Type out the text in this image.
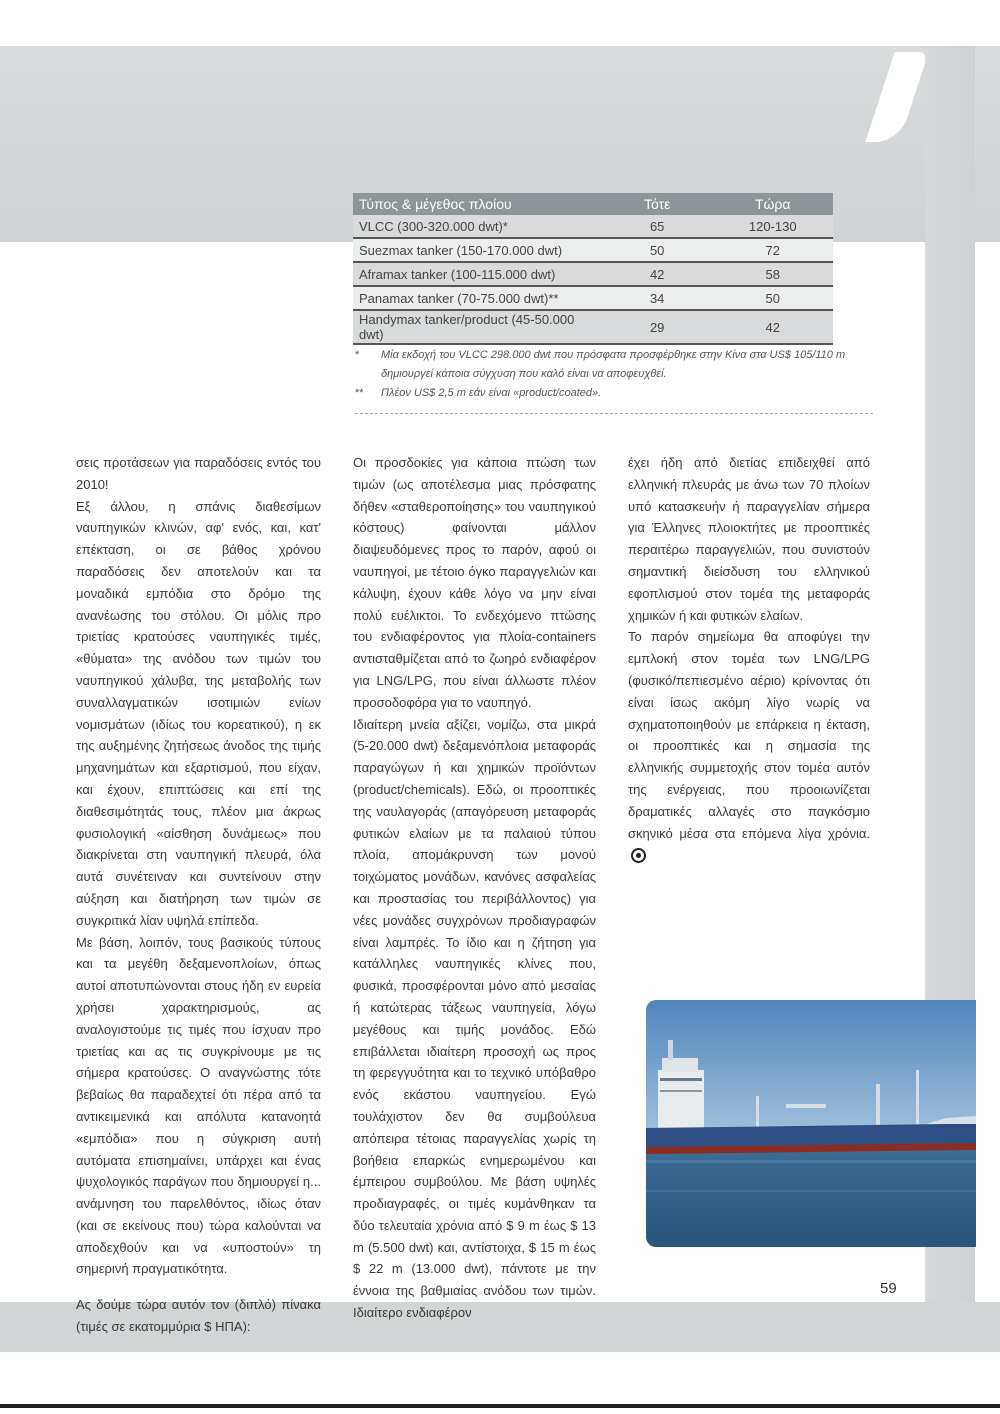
Τύπος & μέγεθος πλοίου	Τότε	Τώρα
VLCC (300-320.000 dwt)*	65	120-130
Suezmax tanker (150-170.000 dwt)	50	72
Aframax tanker (100-115.000 dwt)	42	58
Panamax tanker (70-75.000 dwt)**	34	50
Handymax tanker/product (45-50.000 dwt)	29	42
*	Μία εκδοχή του VLCC 298.000 dwt που πρόσφατα προσφέρθηκε στην Κίνα στα US$ 105/110 m δημιουργεί κάποια σύγχυση που καλό είναι να αποφευχθεί.
**	Πλέον US$ 2,5 m εάν είναι «product/coated».

σεις προτάσεων για παραδόσεις εντός του 2010!

Εξ άλλου, η σπάνις διαθεσίμων ναυπηγικών κλινών, αφ' ενός, και, κατ' επέκταση, οι σε βάθος χρόνου παραδόσεις δεν αποτελούν και τα μοναδικά εμπόδια στο δρόμο της ανανέωσης του στόλου. Οι μόλις προ τριετίας κρατούσες ναυπηγικές τιμές, «θύματα» της ανόδου των τιμών του ναυπηγικού χάλυβα, της μεταβολής των συναλλαγματικών ισοτιμιών ενίων νομισμάτων (ιδίως του κορεατικού), η εκ της αυξημένης ζητήσεως άνοδος της τιμής μηχανημάτων και εξαρτισμού, που είχαν, και έχουν, επιπτώσεις και επί της διαθεσιμότητάς τους, πλέον μια άκρως φυσιολογική «αίσθηση δυνάμεως» που διακρίνεται στη ναυπηγική πλευρά, όλα αυτά συνέτειναν και συντείνουν στην αύξηση και διατήρηση των τιμών σε συγκριτικά λίαν υψηλά επίπεδα.

Με βάση, λοιπόν, τους βασικούς τύπους και τα μεγέθη δεξαμενοπλοίων, όπως αυτοί αποτυπώνονται στους ήδη εν ευρεία χρήσει χαρακτηρισμούς, ας αναλογιστούμε τις τιμές που ίσχυαν προ τριετίας και ας τις συγκρίνουμε με τις σήμερα κρατούσες. Ο αναγνώστης τότε βεβαίως θα παραδεχτεί ότι πέρα από τα αντικειμενικά και απόλυτα κατανοητά «εμπόδια» που η σύγκριση αυτή αυτόματα επισημαίνει, υπάρχει και ένας ψυχολογικός παράγων που δημιουργεί η... ανάμνηση του παρελθόντος, ιδίως όταν (και σε εκείνους που) τώρα καλούνται να αποδεχθούν και να «υποστούν» τη σημερινή πραγματικότητα.

Ας δούμε τώρα αυτόν τον (διπλό) πίνακα (τιμές σε εκατομμύρια $ ΗΠΑ):

Οι προσδοκίες για κάποια πτώση των τιμών (ως αποτέλεσμα μιας πρόσφατης δήθεν «σταθεροποίησης» του ναυπηγικού κόστους) φαίνονται μάλλον διαψευδόμενες προς το παρόν, αφού οι ναυπηγοί, με τέτοιο όγκο παραγγελιών και κάλυψη, έχουν κάθε λόγο να μην είναι πολύ ευέλικτοι. Το ενδεχόμενο πτώσης του ενδιαφέροντος για πλοία-containers αντισταθμίζεται από το ζωηρό ενδιαφέρον για LNG/LPG, που είναι άλλωστε πλέον προσοδοφόρα για το ναυπηγό.

Ιδιαίτερη μνεία αξίζει, νομίζω, στα μικρά (5-20.000 dwt) δεξαμενόπλοια μεταφοράς παραγώγων ή και χημικών προϊόντων (product/chemicals). Εδώ, οι προοπτικές της ναυλαγοράς (απαγόρευση μεταφοράς φυτικών ελαίων με τα παλαιού τύπου πλοία, απομάκρυνση των μονού τοιχώματος μονάδων, κανόνες ασφαλείας και προστασίας του περιβάλλοντος) για νέες μονάδες συγχρόνων προδιαγραφών είναι λαμπρές. Το ίδιο και η ζήτηση για κατάλληλες ναυπηγικές κλίνες που, φυσικά, προσφέρονται μόνο από μεσαίας ή κατώτερας τάξεως ναυπηγεία, λόγω μεγέθους και τιμής μονάδος. Εδώ επιβάλλεται ιδιαίτερη προσοχή ως προς τη φερεγγυότητα και το τεχνικό υπόβαθρο ενός εκάστου ναυπηγείου. Εγώ τουλάχιστον δεν θα συμβούλευα απόπειρα τέτοιας παραγγελίας χωρίς τη βοήθεια επαρκώς ενημερωμένου και έμπειρου συμβούλου. Με βάση υψηλές προδιαγραφές, οι τιμές κυμάνθηκαν τα δύο τελευταία χρόνια από $ 9 m έως $ 13 m (5.500 dwt) και, αντίστοιχα, $ 15 m έως $ 22 m (13.000 dwt), πάντοτε με την έννοια της βαθμιαίας ανόδου των τιμών. Ιδιαίτερο ενδιαφέρον

έχει ήδη από διετίας επιδειχθεί από ελληνική πλευράς με άνω των 70 πλοίων υπό κατασκευήν ή παραγγελίαν σήμερα για Έλληνες πλοιοκτήτες με προοπτικές περαιτέρω παραγγελιών, που συνιστούν σημαντική διείσδυση του ελληνικού εφοπλισμού στον τομέα της μεταφοράς χημικών ή και φυτικών ελαίων.

Το παρόν σημείωμα θα αποφύγει την εμπλοκή στον τομέα των LNG/LPG (φυσικό/πεπιεσμένο αέριο) κρίνοντας ότι είναι ίσως ακόμη λίγο νωρίς να σχηματοποιηθούν με επάρκεια η έκταση, οι προοπτικές και η σημασία της ελληνικής συμμετοχής στον τομέα αυτόν της ενέργειας, που προοιωνίζεται δραματικές αλλαγές στο παγκόσμιο σκηνικό μέσα στα επόμενα λίγα χρόνια.

59
